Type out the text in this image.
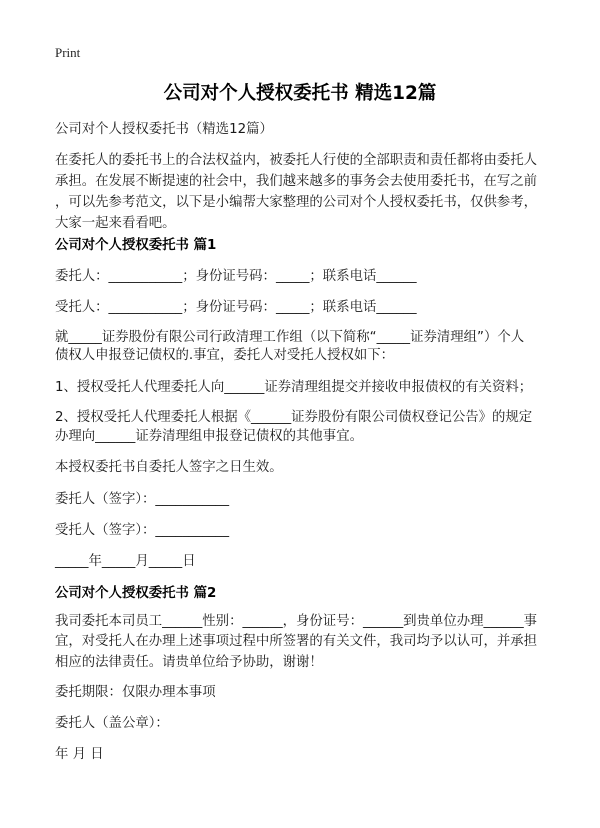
Print
公司对个人授权委托书 精选12篇
公司对个人授权委托书（精选12篇）
在委托人的委托书上的合法权益内，被委托人行使的全部职责和责任都将由委托人
承担。在发展不断提速的社会中，我们越来越多的事务会去使用委托书，在写之前
，可以先参考范文，以下是小编帮大家整理的公司对个人授权委托书，仅供参考，
大家一起来看看吧。
公司对个人授权委托书 篇1
委托人：___________；身份证号码：_____；联系电话______
受托人：___________；身份证号码：_____；联系电话______
就_____证券股份有限公司行政清理工作组（以下简称“_____证券清理组”）个人
债权人申报登记债权的.事宜，委托人对受托人授权如下：
1、授权受托人代理委托人向______证券清理组提交并接收申报债权的有关资料；
2、授权受托人代理委托人根据《______证券股份有限公司债权登记公告》的规定
办理向______证券清理组申报登记债权的其他事宜。
本授权委托书自委托人签字之日生效。
委托人（签字）：___________
受托人（签字）：___________
_____年_____月_____日
公司对个人授权委托书 篇2
我司委托本司员工______性别：______，身份证号：______到贵单位办理______事
宜，对受托人在办理上述事项过程中所签署的有关文件，我司均予以认可，并承担
相应的法律责任。请贵单位给予协助，谢谢！
委托期限：仅限办理本事项
委托人（盖公章）：
年 月 日
